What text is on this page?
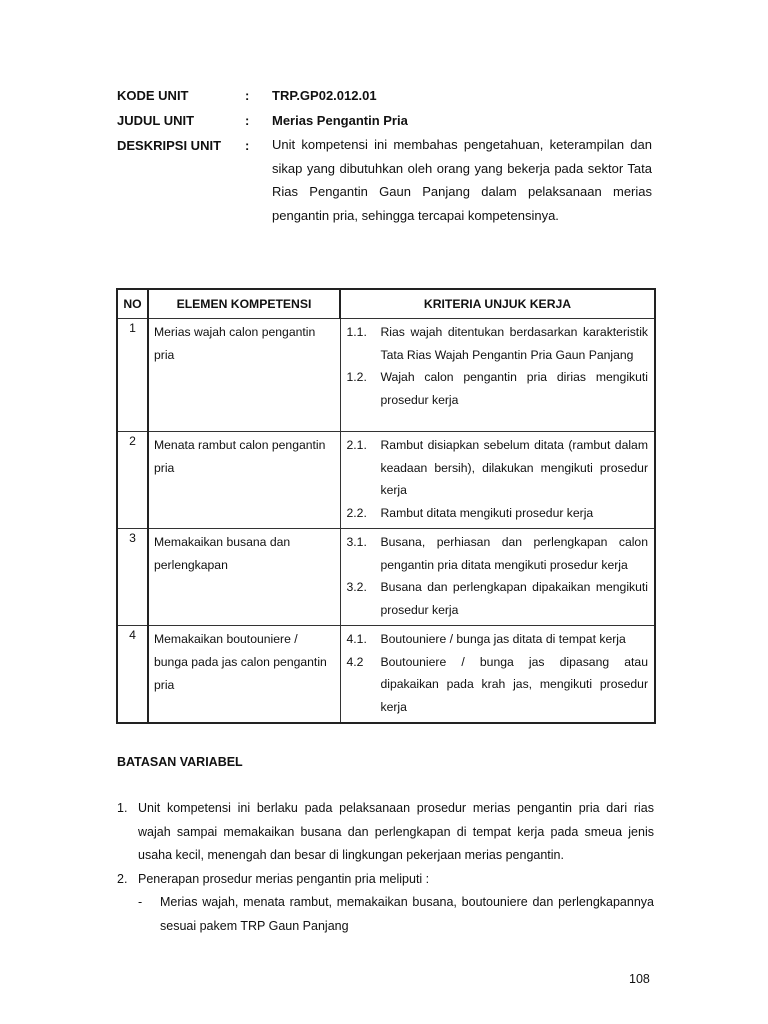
KODE UNIT	:	TRP.GP02.012.01
JUDUL UNIT	:	Merias Pengantin Pria
DESKRIPSI UNIT	:	Unit kompetensi ini membahas pengetahuan, keterampilan dan sikap yang dibutuhkan oleh orang yang bekerja pada sektor Tata Rias Pengantin Gaun Panjang dalam pelaksanaan merias pengantin pria, sehingga tercapai kompetensinya.
NO	ELEMEN KOMPETENSI	KRITERIA UNJUK KERJA
1	Merias wajah calon pengantin pria	1.1. Rias wajah ditentukan berdasarkan karakteristik Tata Rias Wajah Pengantin Pria Gaun Panjang
1.2. Wajah calon pengantin pria dirias mengikuti prosedur kerja

2	Menata rambut calon pengantin pria	2.1. Rambut disiapkan sebelum ditata (rambut dalam keadaan bersih), dilakukan mengikuti prosedur kerja
2.2. Rambut ditata mengikuti prosedur kerja

3	Memakaikan busana dan perlengkapan	3.1. Busana, perhiasan dan perlengkapan calon pengantin pria ditata mengikuti prosedur kerja
3.2. Busana dan perlengkapan dipakaikan mengikuti prosedur kerja

4	Memakaikan boutouniere / bunga pada jas calon pengantin pria	4.1. Boutouniere / bunga jas ditata di tempat kerja
4.2 Boutouniere / bunga jas dipasang atau dipakaikan pada krah jas, mengikuti prosedur kerja
BATASAN VARIABEL
1. Unit kompetensi ini berlaku pada pelaksanaan prosedur merias pengantin pria dari rias wajah sampai memakaikan busana dan perlengkapan di tempat kerja pada smeua jenis usaha kecil, menengah dan besar di lingkungan pekerjaan merias pengantin.
2. Penerapan prosedur merias pengantin pria meliputi :
-	Merias wajah, menata rambut, memakaikan busana, boutouniere dan perlengkapannya sesuai pakem TRP Gaun Panjang
108
